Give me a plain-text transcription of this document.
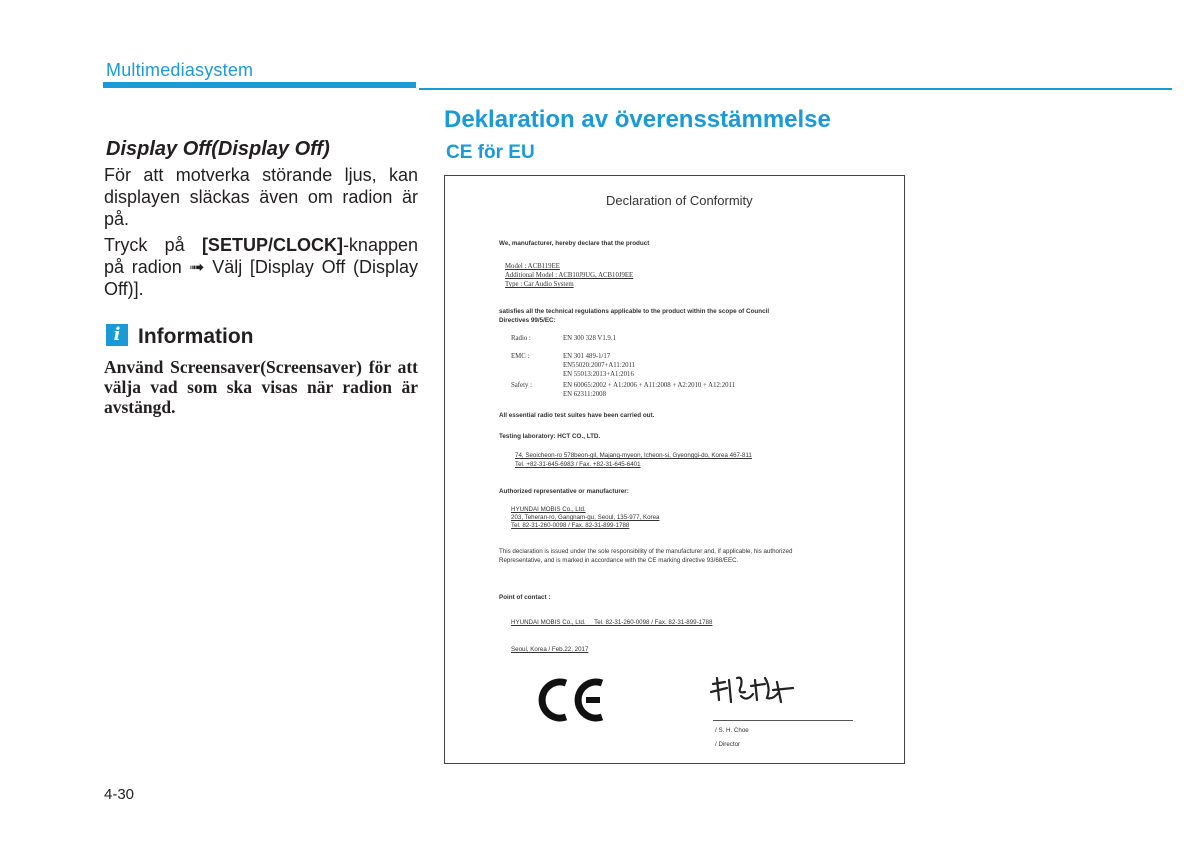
Multimediasystem
Display Off(Display Off)
För att motverka störande ljus, kan displayen släckas även om radion är på.
Tryck på [SETUP/CLOCK]-knappen på radion ➟ Välj [Display Off (Display Off)].
i Information
Använd Screensaver(Screensaver) för att välja vad som ska visas när radion är avstängd.
Deklaration av överensstämmelse
CE för EU
Declaration of Conformity
We, manufacturer, hereby declare that the product
Model : ACB119EE
Additional Model : ACB10J9UG, ACB10J9EE
Type : Car Audio System
satisfies all the technical regulations applicable to the product within the scope of Council
Directives 99/5/EC:
Radio :	EN 300 328 V1.9.1
EMC :	EN 301 489-1/17
EN55020:2007+A11:2011
EN 55013:2013+A1:2016
Safety :	EN 60065:2002 + A1:2006 + A11:2008 + A2:2010 + A12:2011
EN 62311:2008
All essential radio test suites have been carried out.
Testing laboratory: HCT CO., LTD.
74, Seoicheon-ro 578beon-gil, Majang-myeon, Icheon-si, Gyeonggi-do, Korea 467-811
Tel. +82-31-645-6983 / Fax. +82-31-645-6401
Authorized representative or manufacturer:
HYUNDAI MOBIS Co., Ltd.
203, Teheran-ro, Gangnam-gu, Seoul, 135-977, Korea
Tel. 82-31-260-0098 / Fax. 82-31-899-1788
This declaration is issued under the sole responsibility of the manufacturer and, if applicable, his authorized
Representative, and is marked in accordance with the CE marking directive 93/68/EEC.
Point of contact :
HYUNDAI MOBIS Co., Ltd.     Tel. 82-31-260-0098 / Fax. 82-31-899-1788
Seoul, Korea / Feb.22, 2017
/ S. H. Choe
/ Director
4-30
